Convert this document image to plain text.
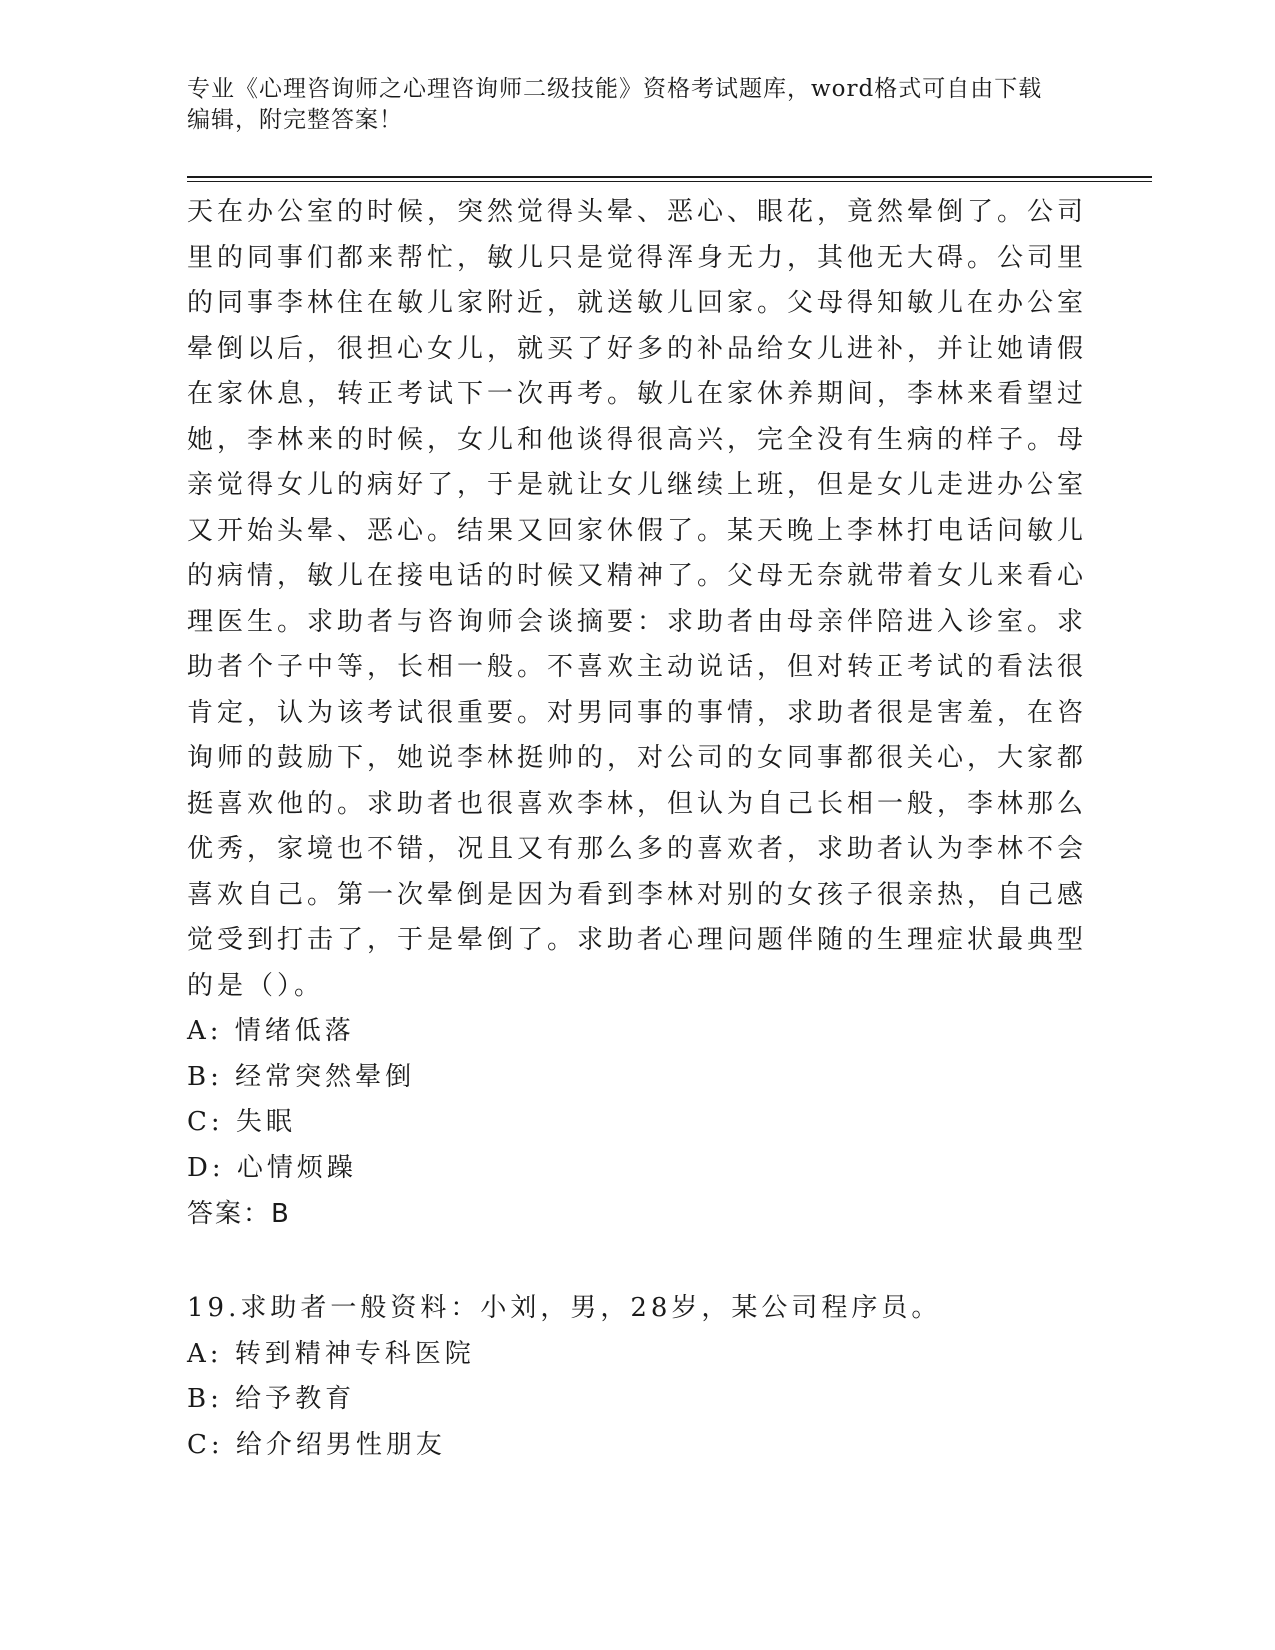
专业《心理咨询师之心理咨询师二级技能》资格考试题库，word格式可自由下载
编辑，附完整答案！
天在办公室的时候，突然觉得头晕、恶心、眼花，竟然晕倒了。公司
里的同事们都来帮忙，敏儿只是觉得浑身无力，其他无大碍。公司里
的同事李林住在敏儿家附近，就送敏儿回家。父母得知敏儿在办公室
晕倒以后，很担心女儿，就买了好多的补品给女儿进补，并让她请假
在家休息，转正考试下一次再考。敏儿在家休养期间，李林来看望过
她，李林来的时候，女儿和他谈得很高兴，完全没有生病的样子。母
亲觉得女儿的病好了，于是就让女儿继续上班，但是女儿走进办公室
又开始头晕、恶心。结果又回家休假了。某天晚上李林打电话问敏儿
的病情，敏儿在接电话的时候又精神了。父母无奈就带着女儿来看心
理医生。求助者与咨询师会谈摘要：求助者由母亲伴陪进入诊室。求
助者个子中等，长相一般。不喜欢主动说话，但对转正考试的看法很
肯定，认为该考试很重要。对男同事的事情，求助者很是害羞，在咨
询师的鼓励下，她说李林挺帅的，对公司的女同事都很关心，大家都
挺喜欢他的。求助者也很喜欢李林，但认为自己长相一般，李林那么
优秀，家境也不错，况且又有那么多的喜欢者，求助者认为李林不会
喜欢自己。第一次晕倒是因为看到李林对别的女孩子很亲热，自己感
觉受到打击了，于是晕倒了。求助者心理问题伴随的生理症状最典型
的是（）。
A: 情绪低落
B: 经常突然晕倒
C: 失眠
D: 心情烦躁
答案：B
19.求助者一般资料：小刘，男，28岁，某公司程序员。
A: 转到精神专科医院
B: 给予教育
C: 给介绍男性朋友
